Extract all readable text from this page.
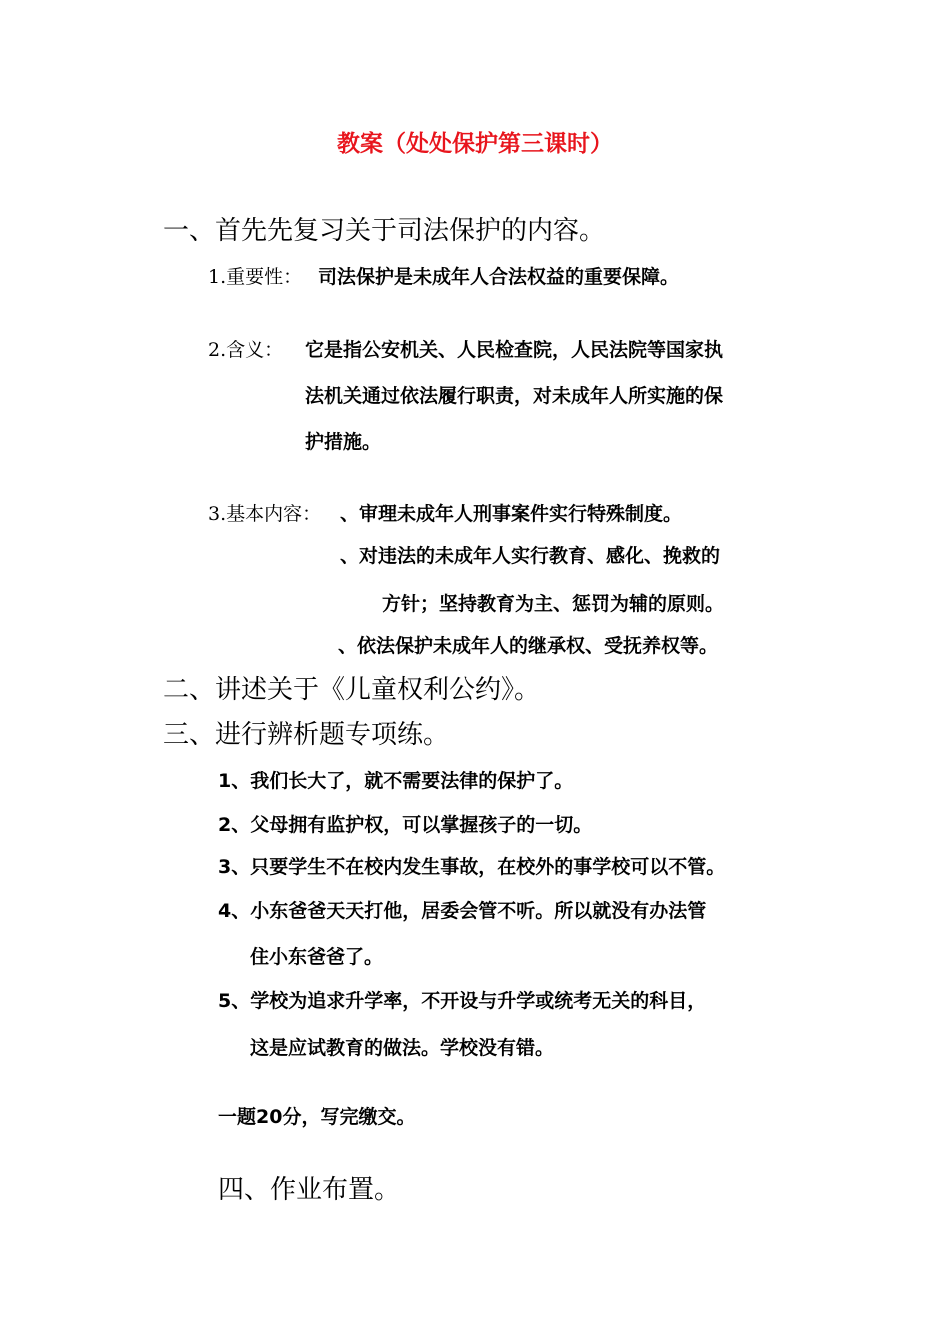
教案（处处保护第三课时）
一、首先先复习关于司法保护的内容。
1.重要性： 司法保护是未成年人合法权益的重要保障。
2.含义： 它是指公安机关、人民检查院，人民法院等国家执
法机关通过依法履行职责，对未成年人所实施的保
护措施。
3.基本内容： 、审理未成年人刑事案件实行特殊制度。
、对违法的未成年人实行教育、感化、挽救的
方针；坚持教育为主、惩罚为辅的原则。
、依法保护未成年人的继承权、受抚养权等。
二、讲述关于《儿童权利公约》。
三、进行辨析题专项练。
1、我们长大了，就不需要法律的保护了。
2、父母拥有监护权，可以掌握孩子的一切。
3、只要学生不在校内发生事故，在校外的事学校可以不管。
4、小东爸爸天天打他，居委会管不听。所以就没有办法管
住小东爸爸了。
5、学校为追求升学率，不开设与升学或统考无关的科目，
这是应试教育的做法。学校没有错。
一题20分，写完缴交。
四、作业布置。
